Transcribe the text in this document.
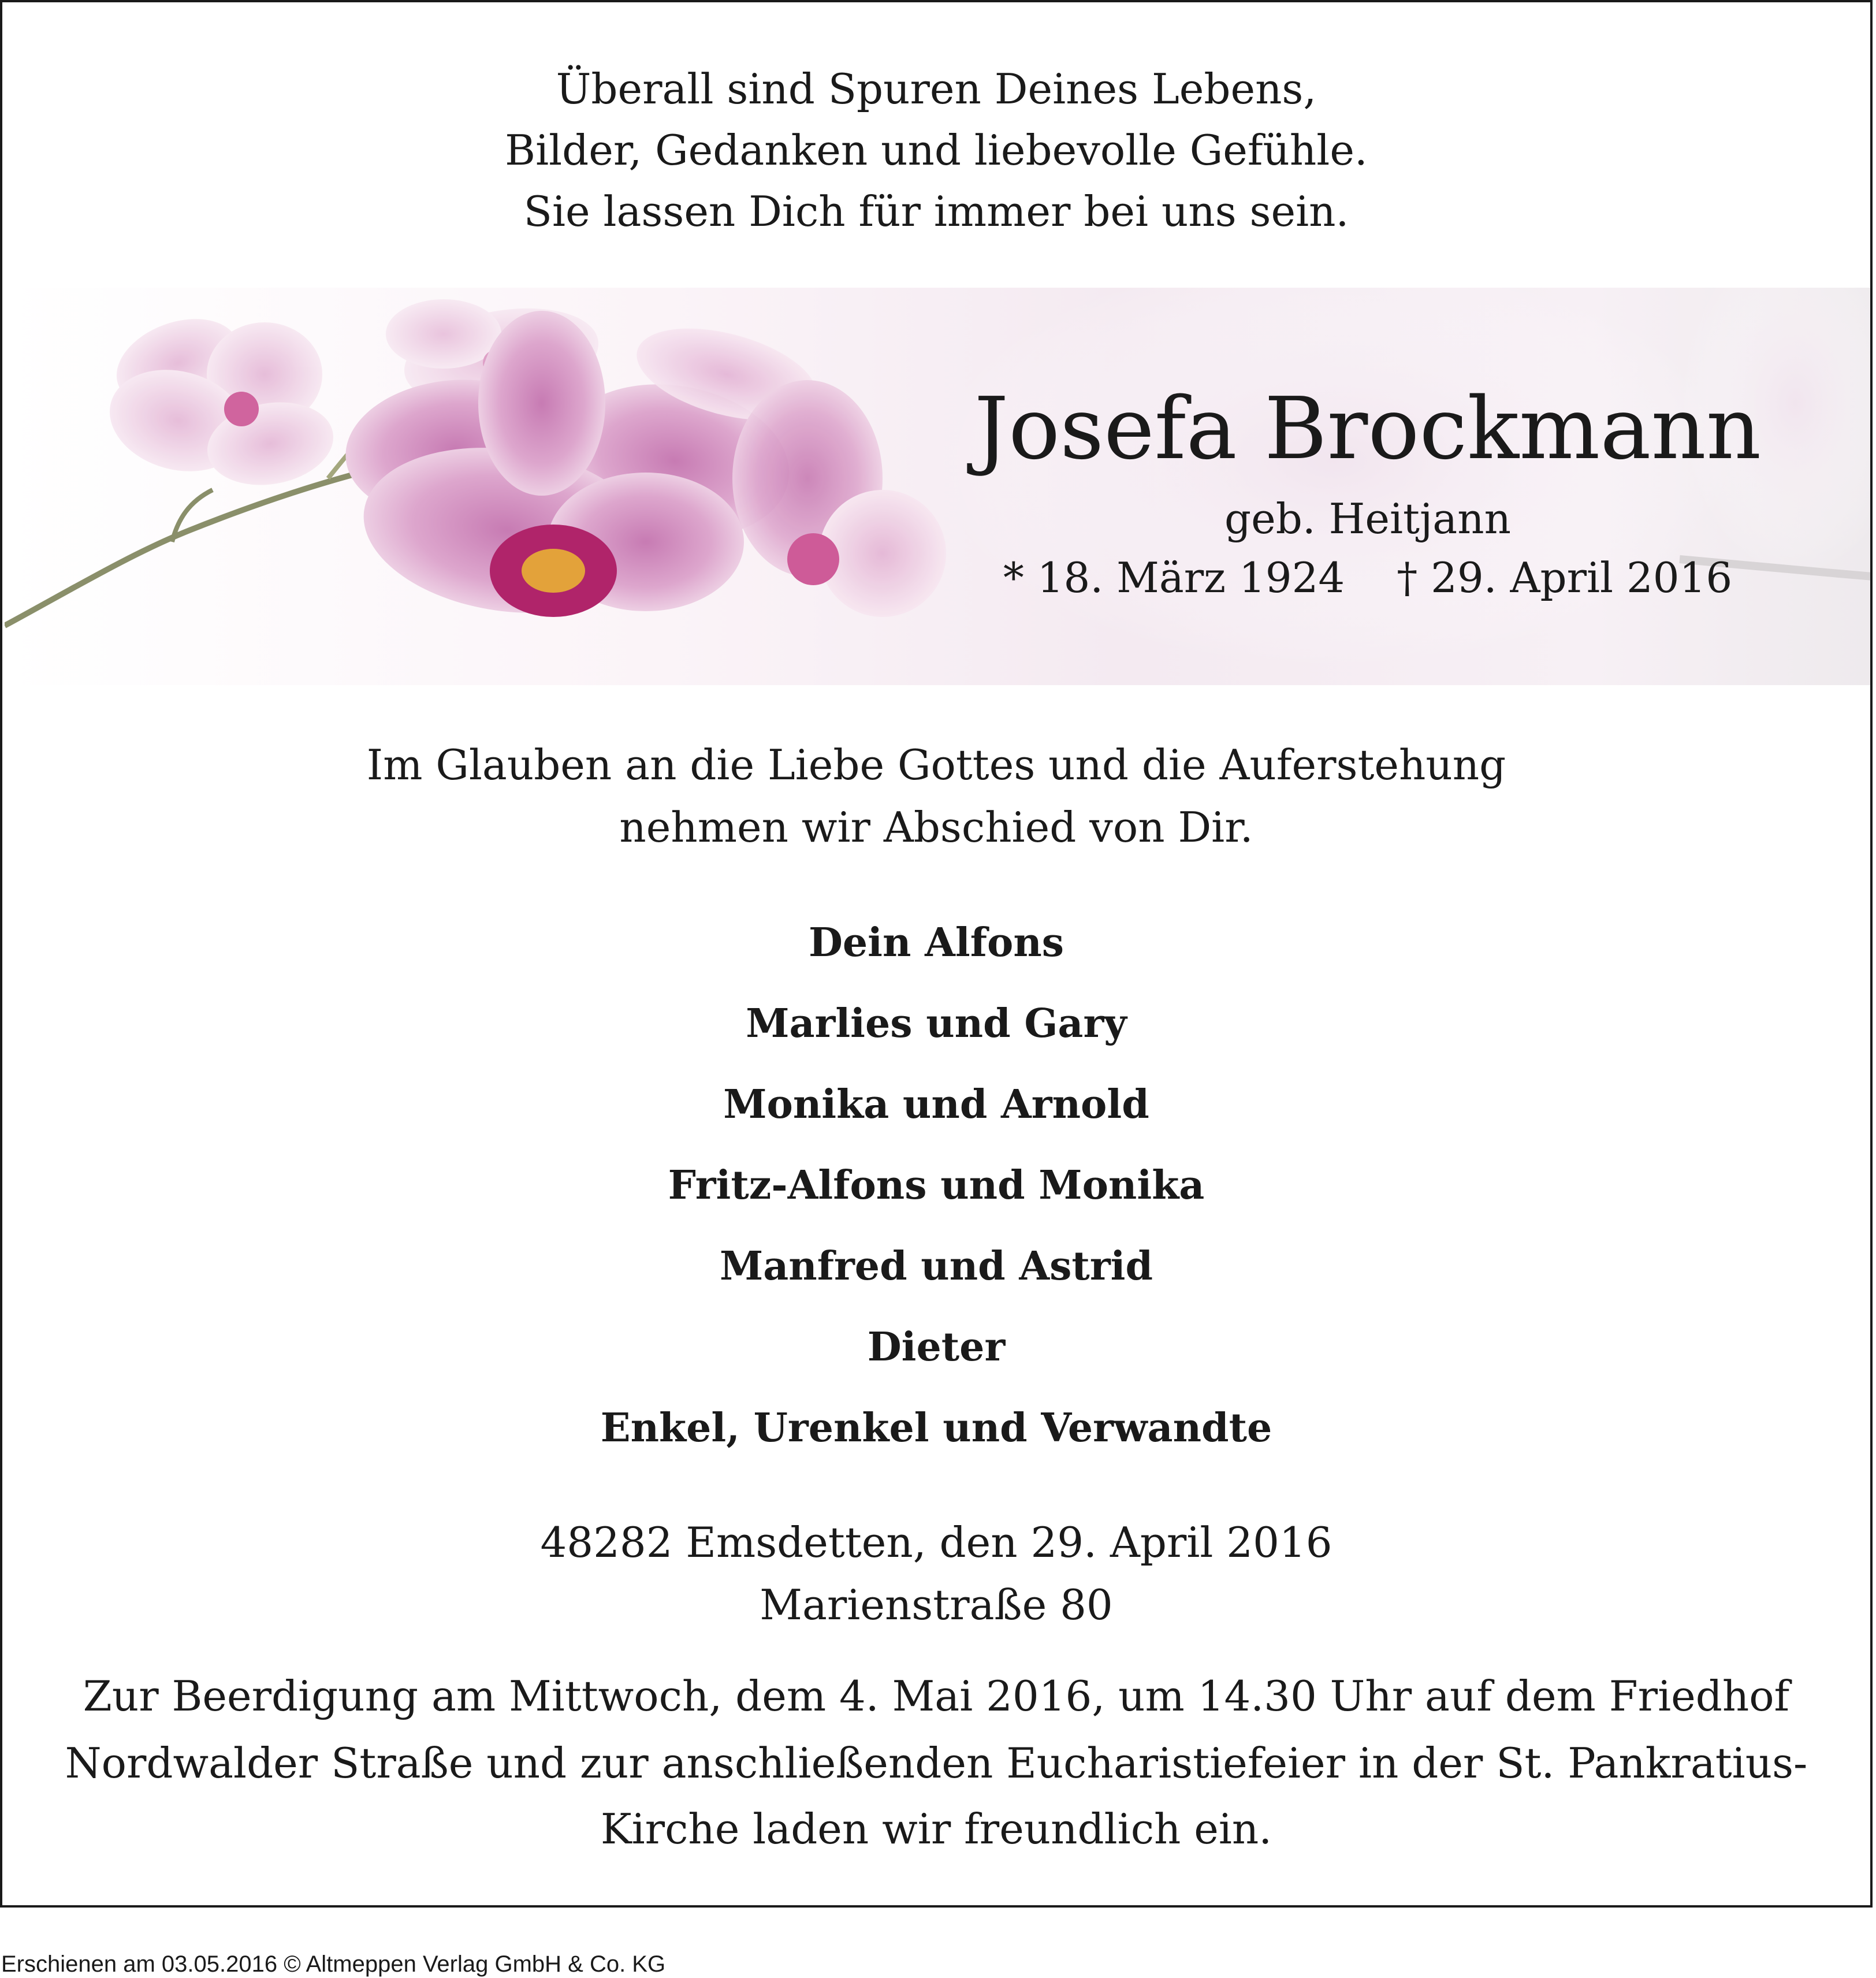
Überall sind Spuren Deines Lebens,
Bilder, Gedanken und liebevolle Gefühle.
Sie lassen Dich für immer bei uns sein.
Josefa Brockmann
geb. Heitjann
* 18. März 1924 † 29. April 2016
Im Glauben an die Liebe Gottes und die Auferstehung
nehmen wir Abschied von Dir.
Dein Alfons
Marlies und Gary
Monika und Arnold
Fritz-Alfons und Monika
Manfred und Astrid
Dieter
Enkel, Urenkel und Verwandte
48282 Emsdetten, den 29. April 2016
Marienstraße 80
Zur Beerdigung am Mittwoch, dem 4. Mai 2016, um 14.30 Uhr auf dem Friedhof
Nordwalder Straße und zur anschließenden Eucharistiefeier in der St. Pankratius-
Kirche laden wir freundlich ein.
Erschienen am 03.05.2016 © Altmeppen Verlag GmbH & Co. KG
